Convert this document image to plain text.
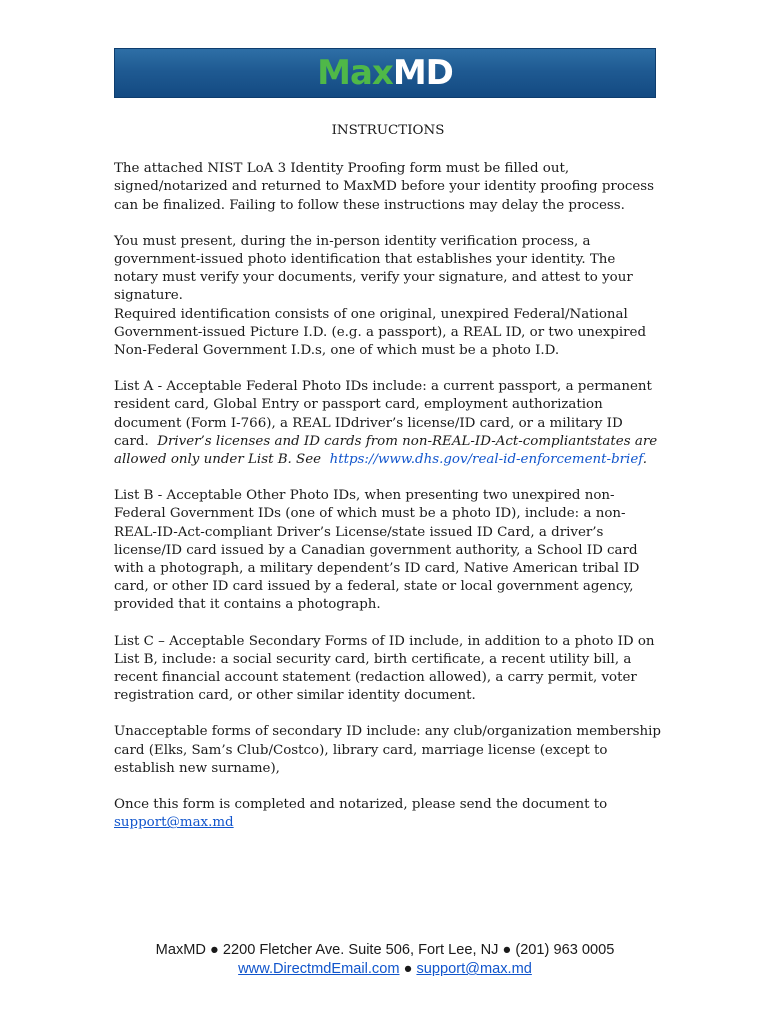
MaxMD
INSTRUCTIONS

The attached NIST LoA 3 Identity Proofing form must be filled out, signed/notarized and returned to MaxMD before your identity proofing process can be finalized. Failing to follow these instructions may delay the process.

You must present, during the in-person identity verification process, a government-issued photo identification that establishes your identity. The notary must verify your documents, verify your signature, and attest to your signature.

Required identification consists of one original, unexpired Federal/National Government-issued Picture I.D. (e.g. a passport), a REAL ID, or two unexpired Non-Federal Government I.D.s, one of which must be a photo I.D.

List A - Acceptable Federal Photo IDs include: a current passport, a permanent resident card, Global Entry or passport card, employment authorization document (Form I-766), a REAL IDdriver’s license/ID card, or a military ID card. Driver’s licenses and ID cards from non-REAL-ID-Act-compliantstates are allowed only under List B. See https://www.dhs.gov/real-id-enforcement-brief.

List B - Acceptable Other Photo IDs, when presenting two unexpired non-Federal Government IDs (one of which must be a photo ID), include: a non-REAL-ID-Act-compliant Driver’s License/state issued ID Card, a driver’s license/ID card issued by a Canadian government authority, a School ID card with a photograph, a military dependent’s ID card, Native American tribal ID card, or other ID card issued by a federal, state or local government agency, provided that it contains a photograph.

List C – Acceptable Secondary Forms of ID include, in addition to a photo ID on List B, include: a social security card, birth certificate, a recent utility bill, a recent financial account statement (redaction allowed), a carry permit, voter registration card, or other similar identity document.

Unacceptable forms of secondary ID include: any club/organization membership card (Elks, Sam’s Club/Costco), library card, marriage license (except to establish new surname),

Once this form is completed and notarized, please send the document to

support@max.md

MaxMD ● 2200 Fletcher Ave. Suite 506, Fort Lee, NJ ● (201) 963 0005
www.DirectmdEmail.com ● support@max.md
